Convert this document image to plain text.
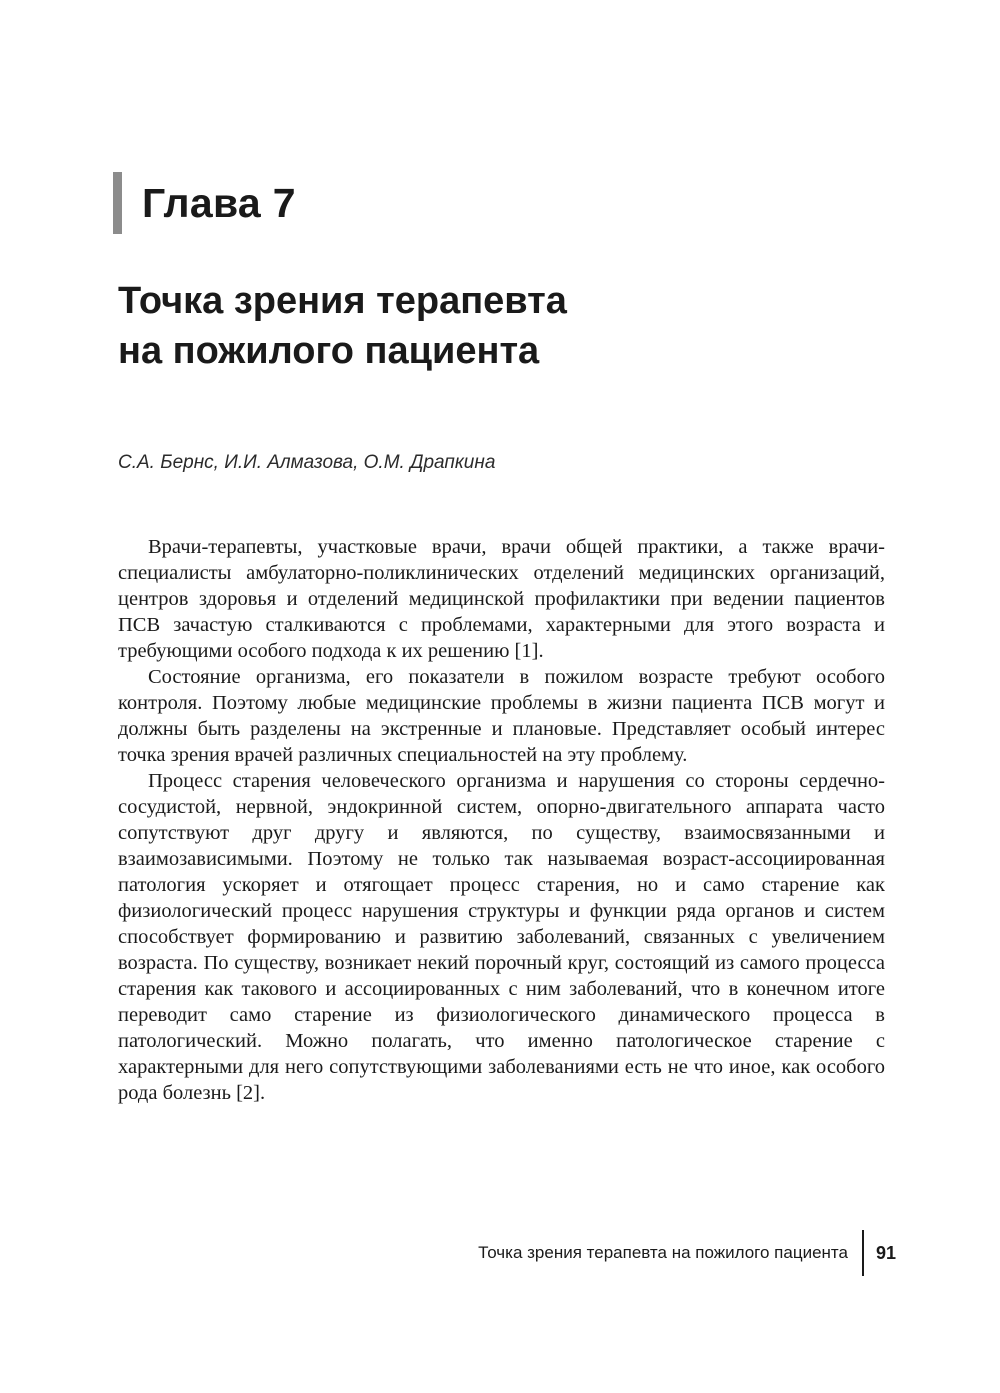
Глава 7
Точка зрения терапевта
на пожилого пациента
С.А. Бернс, И.И. Алмазова, О.М. Драпкина

Врачи-терапевты, участковые врачи, врачи общей практики, а также врачи-специалисты амбулаторно-поликлинических отделений медицинских организаций, центров здоровья и отделений медицинской профилактики при ведении пациентов ПСВ зачастую сталкиваются с проблемами, характерными для этого возраста и требующими особого подхода к их решению [1].

Состояние организма, его показатели в пожилом возрасте требуют особого контроля. Поэтому любые медицинские проблемы в жизни пациента ПСВ могут и должны быть разделены на экстренные и плановые. Представляет особый интерес точка зрения врачей различных специальностей на эту проблему.

Процесс старения человеческого организма и нарушения со стороны сердечно-сосудистой, нервной, эндокринной систем, опорно-двигательного аппарата часто сопутствуют друг другу и являются, по существу, взаимосвязанными и взаимозависимыми. Поэтому не только так называемая возраст-ассоциированная патология ускоряет и отягощает процесс старения, но и само старение как физиологический процесс нарушения структуры и функции ряда органов и систем способствует формированию и развитию заболеваний, связанных с увеличением возраста. По существу, возникает некий порочный круг, состоящий из самого процесса старения как такового и ассоциированных с ним заболеваний, что в конечном итоге переводит само старение из физиологического динамического процесса в патологический. Можно полагать, что именно патологическое старение с характерными для него сопутствующими заболеваниями есть не что иное, как особого рода болезнь [2].

Точка зрения терапевта на пожилого пациента 91
